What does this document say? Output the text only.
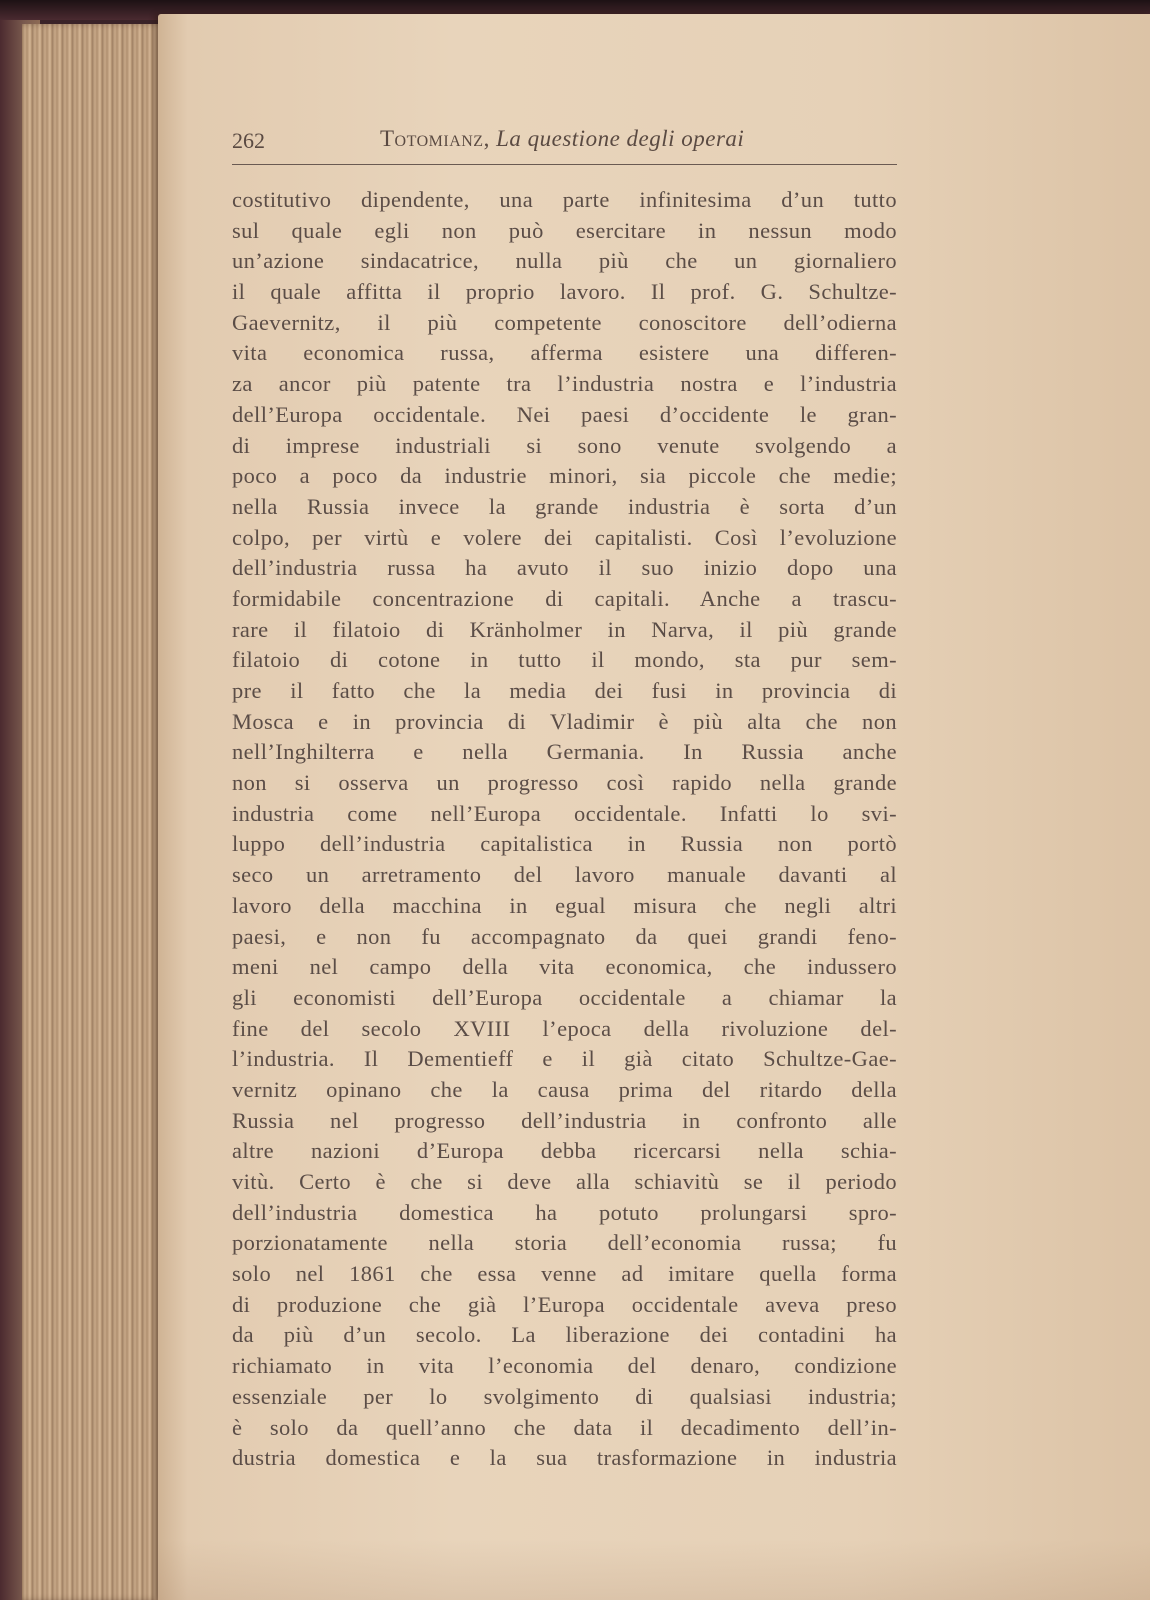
262	Totomianz, La questione degli operai
costitutivo dipendente, una parte infinitesima d’un tutto
sul quale egli non può esercitare in nessun modo
un’azione sindacatrice, nulla più che un giornaliero
il quale affitta il proprio lavoro. Il prof. G. Schultze-
Gaevernitz, il più competente conoscitore dell’odierna
vita economica russa, afferma esistere una differen-
za ancor più patente tra l’industria nostra e l’industria
dell’Europa occidentale. Nei paesi d’occidente le gran-
di imprese industriali si sono venute svolgendo a
poco a poco da industrie minori, sia piccole che medie;
nella Russia invece la grande industria è sorta d’un
colpo, per virtù e volere dei capitalisti. Così l’evoluzione
dell’industria russa ha avuto il suo inizio dopo una
formidabile concentrazione di capitali. Anche a trascu-
rare il filatoio di Kränholmer in Narva, il più grande
filatoio di cotone in tutto il mondo, sta pur sem-
pre il fatto che la media dei fusi in provincia di
Mosca e in provincia di Vladimir è più alta che non
nell’Inghilterra e nella Germania. In Russia anche
non si osserva un progresso così rapido nella grande
industria come nell’Europa occidentale. Infatti lo svi-
luppo dell’industria capitalistica in Russia non portò
seco un arretramento del lavoro manuale davanti al
lavoro della macchina in egual misura che negli altri
paesi, e non fu accompagnato da quei grandi feno-
meni nel campo della vita economica, che indussero
gli economisti dell’Europa occidentale a chiamar la
fine del secolo XVIII l’epoca della rivoluzione del-
l’industria. Il Dementieff e il già citato Schultze-Gae-
vernitz opinano che la causa prima del ritardo della
Russia nel progresso dell’industria in confronto alle
altre nazioni d’Europa debba ricercarsi nella schia-
vitù. Certo è che si deve alla schiavitù se il periodo
dell’industria domestica ha potuto prolungarsi spro-
porzionatamente nella storia dell’economia russa; fu
solo nel 1861 che essa venne ad imitare quella forma
di produzione che già l’Europa occidentale aveva preso
da più d’un secolo. La liberazione dei contadini ha
richiamato in vita l’economia del denaro, condizione
essenziale per lo svolgimento di qualsiasi industria;
è solo da quell’anno che data il decadimento dell’in-
dustria domestica e la sua trasformazione in industria
